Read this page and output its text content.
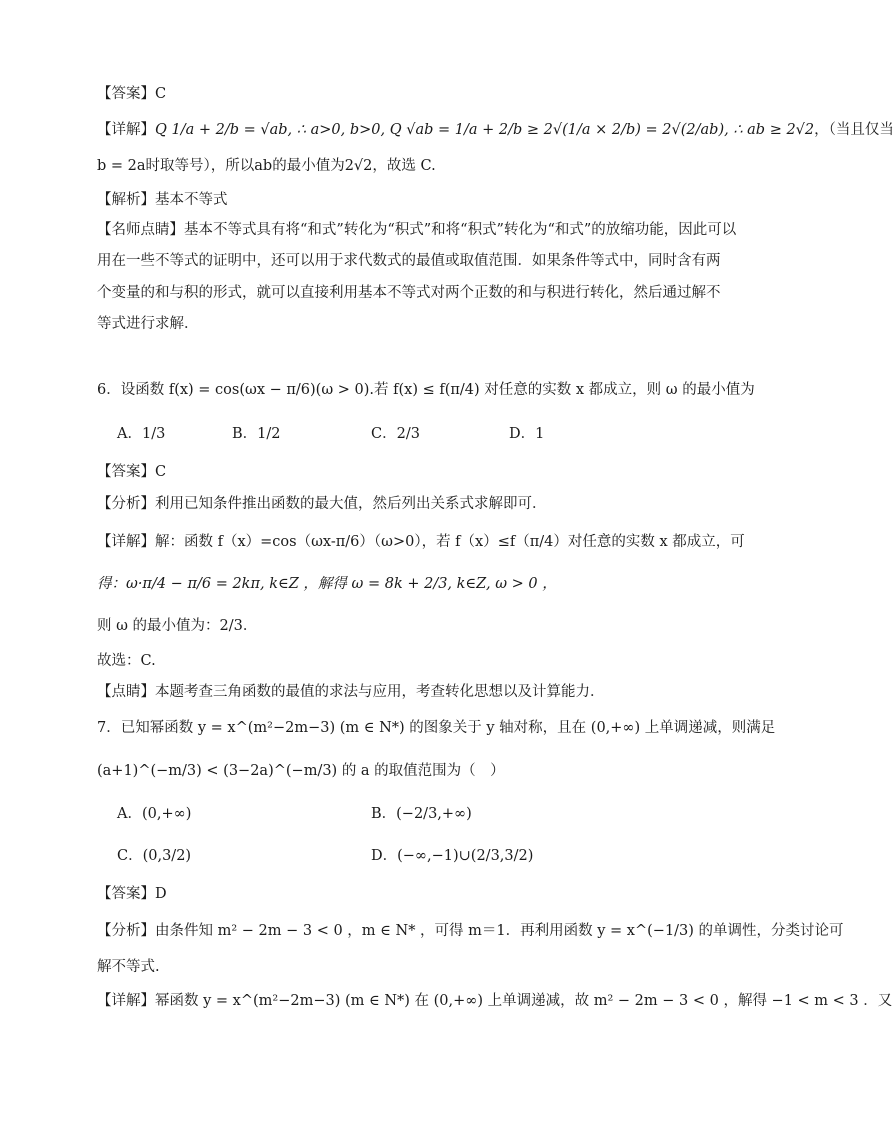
【答案】C
【详解】Q 1/a + 2/b = √ab, ∴ a>0, b>0, Q √ab = 1/a + 2/b ≥ 2√(1/a × 2/b) = 2√(2/ab), ∴ ab ≥ 2√2，（当且仅当
b = 2a时取等号），所以ab的最小值为2√2，故选 C.
【解析】基本不等式
【名师点睛】基本不等式具有将“和式”转化为“积式”和将“积式”转化为“和式”的放缩功能，因此可以
用在一些不等式的证明中，还可以用于求代数式的最值或取值范围．如果条件等式中，同时含有两
个变量的和与积的形式，就可以直接利用基本不等式对两个正数的和与积进行转化，然后通过解不
等式进行求解．
6．设函数 f(x) = cos(ωx − π/6)(ω > 0).若 f(x) ≤ f(π/4) 对任意的实数 x 都成立，则 ω 的最小值为
A．1/3	B．1/2	C．2/3	D．1
【答案】C
【分析】利用已知条件推出函数的最大值，然后列出关系式求解即可．
【详解】解：函数 f（x）=cos（ωx-π/6）（ω>0），若 f（x）≤f（π/4）对任意的实数 x 都成立，可
得：ω·π/4 − π/6 = 2kπ, k∈Z ，解得 ω = 8k + 2/3, k∈Z, ω > 0 ，
则 ω 的最小值为：2/3．
故选：C.
【点睛】本题考查三角函数的最值的求法与应用，考查转化思想以及计算能力．
7．已知幂函数 y = x^(m²−2m−3) (m ∈ N*) 的图象关于 y 轴对称，且在 (0,+∞) 上单调递减，则满足
(a+1)^(−m/3) < (3−2a)^(−m/3) 的 a 的取值范围为（　）
A．(0,+∞)	B．(−2/3,+∞)
C．(0,3/2)	D．(−∞,−1)∪(2/3,3/2)
【答案】D
【分析】由条件知 m² − 2m − 3 < 0 ，m ∈ N* ，可得 m＝1．再利用函数 y = x^(−1/3) 的单调性，分类讨论可
解不等式.
【详解】幂函数 y = x^(m²−2m−3) (m ∈ N*) 在 (0,+∞) 上单调递减，故 m² − 2m − 3 < 0 ，解得 −1 < m < 3 ．又
